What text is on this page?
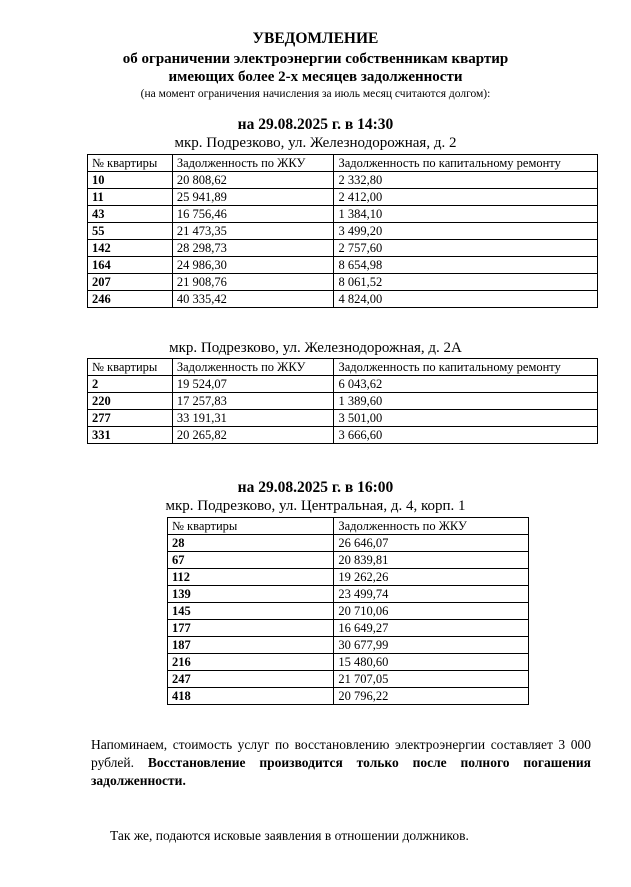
УВЕДОМЛЕНИЕ
об ограничении электроэнергии собственникам квартир
имеющих более 2-х месяцев задолженности
(на момент ограничения начисления за июль месяц считаются долгом):
на 29.08.2025 г. в 14:30
мкр. Подрезково, ул. Железнодорожная, д. 2
№ квартиры	Задолженность по ЖКУ	Задолженность по капитальному ремонту
10	20 808,62	2 332,80
11	25 941,89	2 412,00
43	16 756,46	1 384,10
55	21 473,35	3 499,20
142	28 298,73	2 757,60
164	24 986,30	8 654,98
207	21 908,76	8 061,52
246	40 335,42	4 824,00
мкр. Подрезково, ул. Железнодорожная, д. 2А
№ квартиры	Задолженность по ЖКУ	Задолженность по капитальному ремонту
2	19 524,07	6 043,62
220	17 257,83	1 389,60
277	33 191,31	3 501,00
331	20 265,82	3 666,60
на 29.08.2025 г. в 16:00
мкр. Подрезково, ул. Центральная, д. 4, корп. 1
№ квартиры	Задолженность по ЖКУ
28	26 646,07
67	20 839,81
112	19 262,26
139	23 499,74
145	20 710,06
177	16 649,27
187	30 677,99
216	15 480,60
247	21 707,05
418	20 796,22
Напоминаем, стоимость услуг по восстановлению электроэнергии составляет 3 000 рублей. Восстановление производится только после полного погашения задолженности.
Так же, подаются исковые заявления в отношении должников.
